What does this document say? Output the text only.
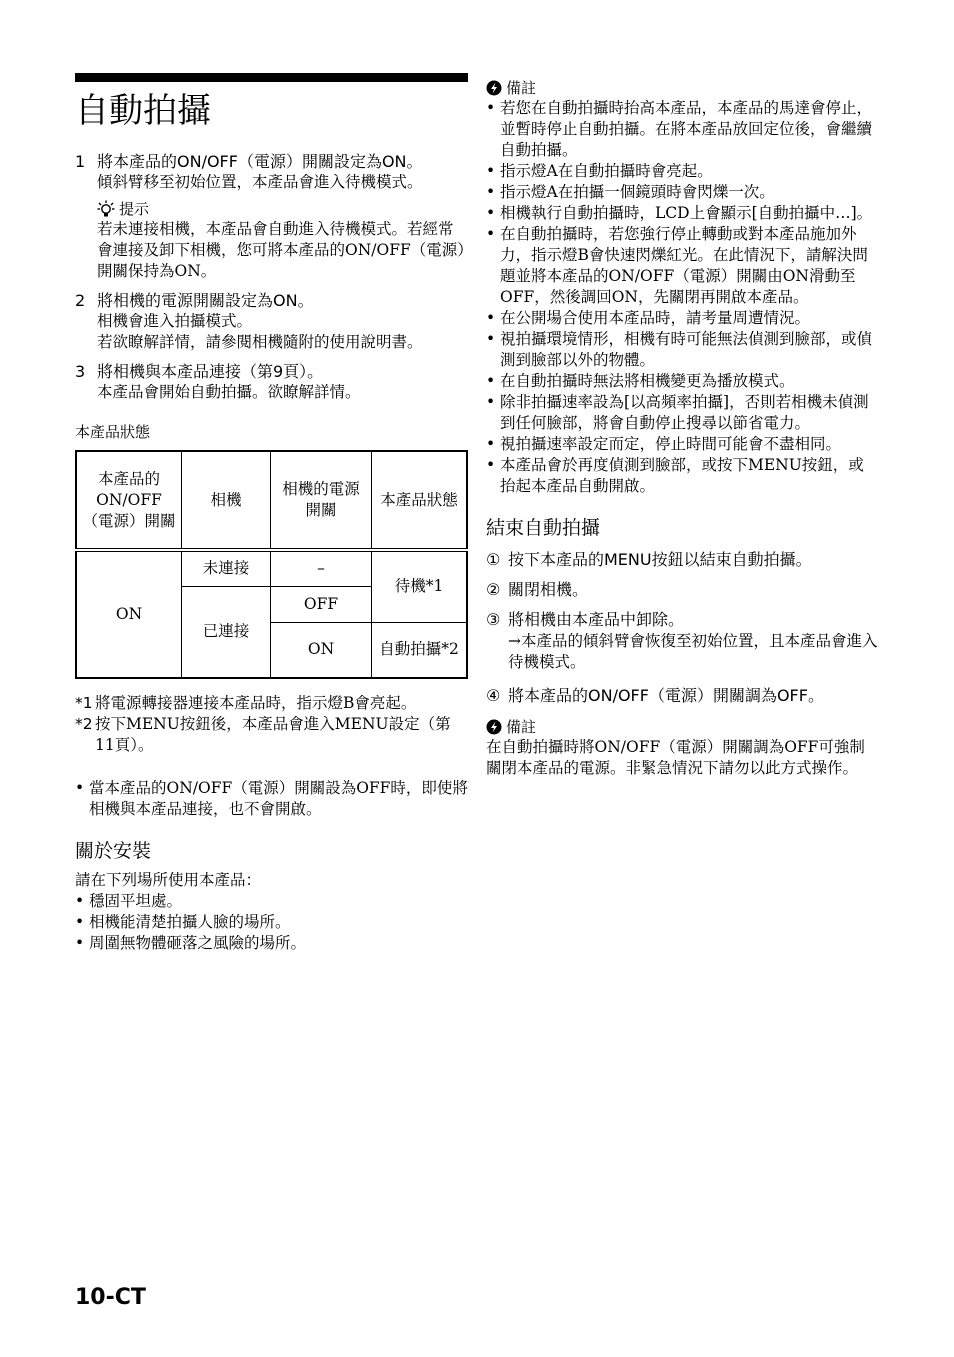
自動拍攝
1 將本產品的ON/OFF（電源）開關設定為ON。
傾斜臂移至初始位置，本產品會進入待機模式。
提示
若未連接相機，本產品會自動進入待機模式。若經常會連接及卸下相機，您可將本產品的ON/OFF（電源）開關保持為ON。
2 將相機的電源開關設定為ON。
相機會進入拍攝模式。
若欲瞭解詳情，請參閱相機隨附的使用說明書。
3 將相機與本產品連接（第9頁）。
本產品會開始自動拍攝。欲瞭解詳情。
本產品狀態
本產品的ON/OFF（電源）開關	相機	相機的電源開關	本產品狀態
ON	未連接	–	待機*1
	已連接	OFF	
		ON	自動拍攝*2
*1 將電源轉接器連接本產品時，指示燈B會亮起。
*2 按下MENU按鈕後，本產品會進入MENU設定（第11頁）。
• 當本產品的ON/OFF（電源）開關設為OFF時，即使將相機與本產品連接，也不會開啟。
關於安裝
請在下列場所使用本產品：
• 穩固平坦處。
• 相機能清楚拍攝人臉的場所。
• 周圍無物體砸落之風險的場所。
備註
• 若您在自動拍攝時抬高本產品，本產品的馬達會停止，並暫時停止自動拍攝。在將本產品放回定位後，會繼續自動拍攝。
• 指示燈A在自動拍攝時會亮起。
• 指示燈A在拍攝一個鏡頭時會閃爍一次。
• 相機執行自動拍攝時，LCD上會顯示[自動拍攝中…]。
• 在自動拍攝時，若您強行停止轉動或對本產品施加外力，指示燈B會快速閃爍紅光。在此情況下，請解決問題並將本產品的ON/OFF（電源）開關由ON滑動至OFF，然後調回ON，先關閉再開啟本產品。
• 在公開場合使用本產品時，請考量周遭情況。
• 視拍攝環境情形，相機有時可能無法偵測到臉部，或偵測到臉部以外的物體。
• 在自動拍攝時無法將相機變更為播放模式。
• 除非拍攝速率設為[以高頻率拍攝]，否則若相機未偵測到任何臉部，將會自動停止搜尋以節省電力。
• 視拍攝速率設定而定，停止時間可能會不盡相同。
• 本產品會於再度偵測到臉部，或按下MENU按鈕，或抬起本產品自動開啟。
結束自動拍攝
① 按下本產品的MENU按鈕以結束自動拍攝。
② 關閉相機。
③ 將相機由本產品中卸除。
→本產品的傾斜臂會恢復至初始位置，且本產品會進入待機模式。
④ 將本產品的ON/OFF（電源）開關調為OFF。
備註
在自動拍攝時將ON/OFF（電源）開關調為OFF可強制關閉本產品的電源。非緊急情況下請勿以此方式操作。
10-CT
